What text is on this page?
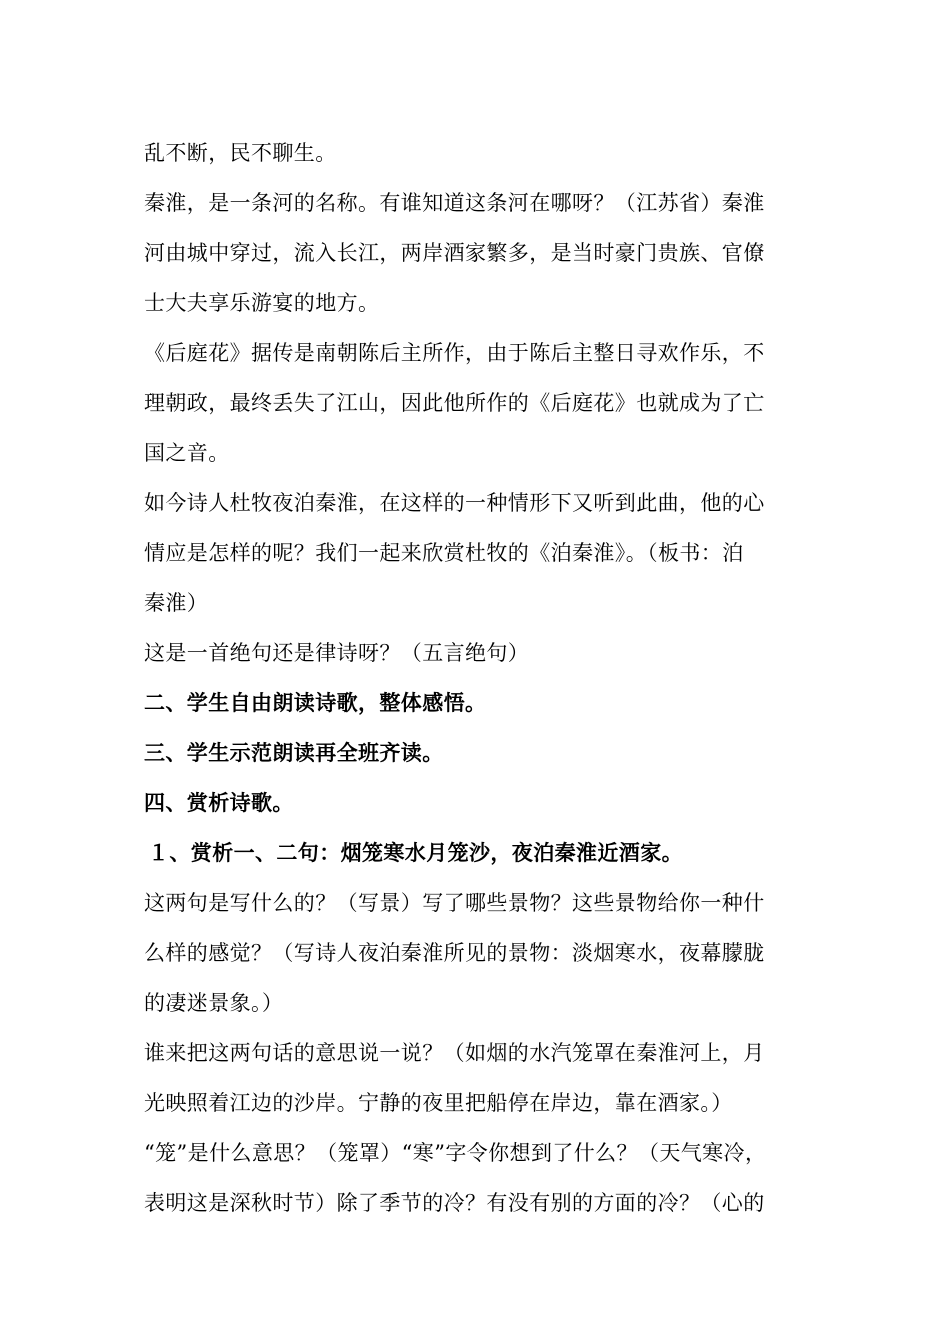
乱不断，民不聊生。

秦淮，是一条河的名称。有谁知道这条河在哪呀？（江苏省）秦淮
河由城中穿过，流入长江，两岸酒家繁多，是当时豪门贵族、官僚
士大夫享乐游宴的地方。

《后庭花》据传是南朝陈后主所作，由于陈后主整日寻欢作乐，不
理朝政，最终丢失了江山，因此他所作的《后庭花》也就成为了亡
国之音。

如今诗人杜牧夜泊秦淮，在这样的一种情形下又听到此曲，他的心
情应是怎样的呢？我们一起来欣赏杜牧的《泊秦淮》。（板书：泊
秦淮）

这是一首绝句还是律诗呀？（五言绝句）

二、学生自由朗读诗歌，整体感悟。

三、学生示范朗读再全班齐读。

四、赏析诗歌。

１、赏析一、二句：烟笼寒水月笼沙，夜泊秦淮近酒家。

这两句是写什么的？（写景）写了哪些景物？这些景物给你一种什
么样的感觉？（写诗人夜泊秦淮所见的景物：淡烟寒水，夜幕朦胧
的凄迷景象。）

谁来把这两句话的意思说一说？（如烟的水汽笼罩在秦淮河上，月
光映照着江边的沙岸。宁静的夜里把船停在岸边，靠在酒家。）

“笼”是什么意思？（笼罩）“寒”字令你想到了什么？（天气寒冷，
表明这是深秋时节）除了季节的冷？有没有别的方面的冷？（心的
